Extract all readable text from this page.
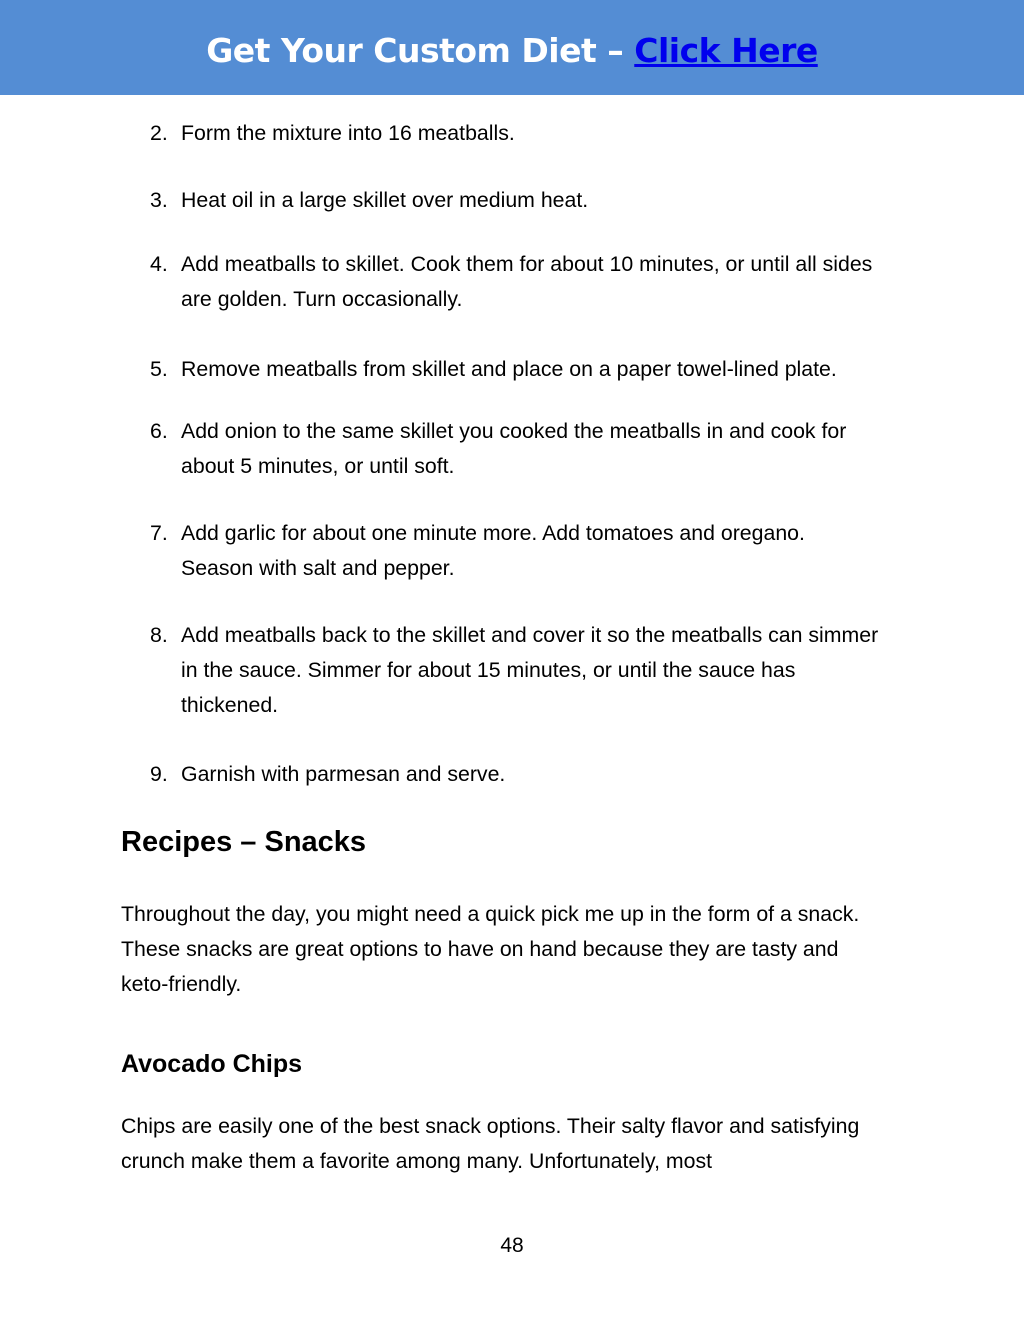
Get Your Custom Diet – Click Here
2. Form the mixture into 16 meatballs.
3. Heat oil in a large skillet over medium heat.
4. Add meatballs to skillet. Cook them for about 10 minutes, or until all sides are golden. Turn occasionally.
5. Remove meatballs from skillet and place on a paper towel-lined plate.
6. Add onion to the same skillet you cooked the meatballs in and cook for about 5 minutes, or until soft.
7. Add garlic for about one minute more. Add tomatoes and oregano. Season with salt and pepper.
8. Add meatballs back to the skillet and cover it so the meatballs can simmer in the sauce. Simmer for about 15 minutes, or until the sauce has thickened.
9. Garnish with parmesan and serve.
Recipes – Snacks
Throughout the day, you might need a quick pick me up in the form of a snack. These snacks are great options to have on hand because they are tasty and keto-friendly.
Avocado Chips
Chips are easily one of the best snack options. Their salty flavor and satisfying crunch make them a favorite among many. Unfortunately, most
48
